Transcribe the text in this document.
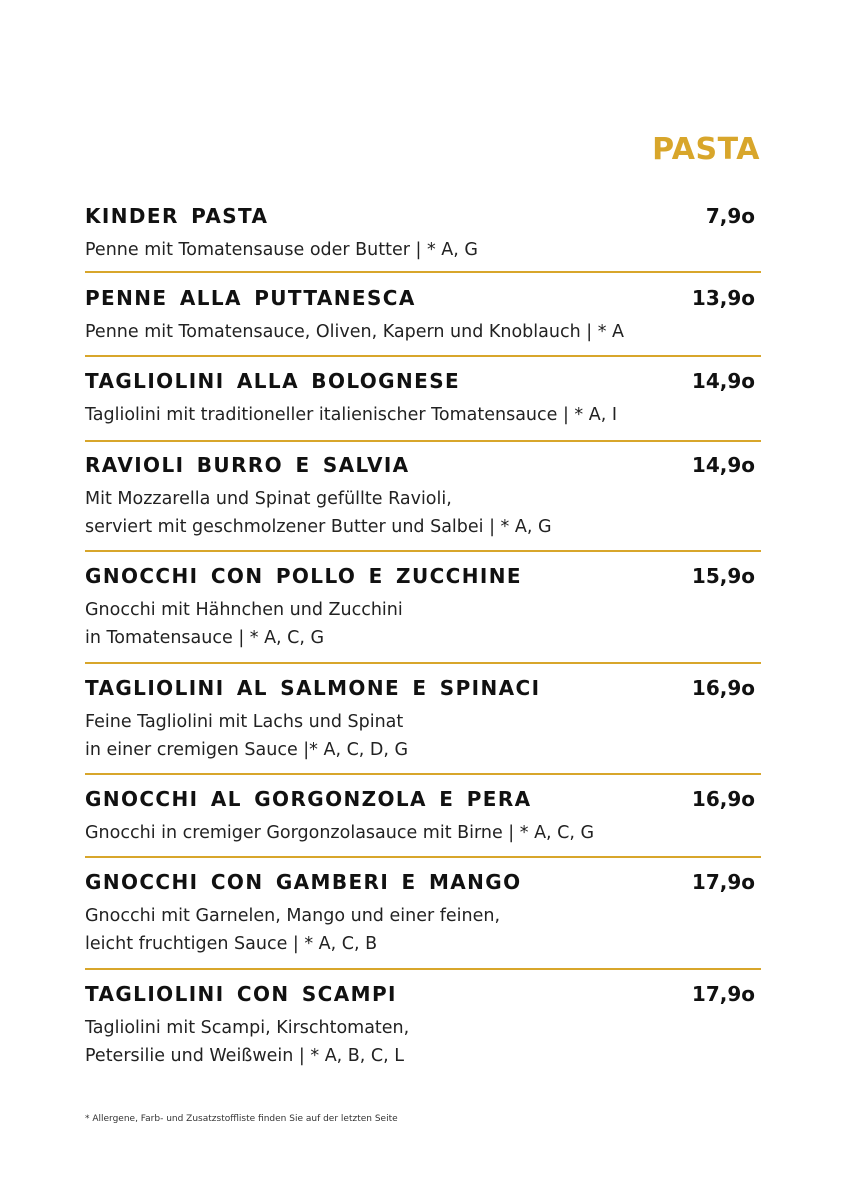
PASTA
KINDER PASTA	7,9o
Penne mit Tomatensause oder Butter | * A, G
PENNE ALLA PUTTANESCA	13,9o
Penne mit Tomatensauce, Oliven, Kapern und Knoblauch | * A
TAGLIOLINI ALLA BOLOGNESE	14,9o
Tagliolini mit traditioneller italienischer Tomatensauce | * A, I
RAVIOLI BURRO E SALVIA	14,9o
Mit Mozzarella und Spinat gefüllte Ravioli,
serviert mit geschmolzener Butter und Salbei | * A, G
GNOCCHI CON POLLO E ZUCCHINE	15,9o
Gnocchi mit Hähnchen und Zucchini
in Tomatensauce | * A, C, G
TAGLIOLINI AL SALMONE E SPINACI	16,9o
Feine Tagliolini mit Lachs und Spinat
in einer cremigen Sauce |* A, C, D, G
GNOCCHI AL GORGONZOLA E PERA	16,9o
Gnocchi in cremiger Gorgonzolasauce mit Birne | * A, C, G
GNOCCHI CON GAMBERI E MANGO	17,9o
Gnocchi mit Garnelen, Mango und einer feinen,
leicht fruchtigen Sauce | * A, C, B
TAGLIOLINI CON SCAMPI	17,9o
Tagliolini mit Scampi, Kirschtomaten,
Petersilie und Weißwein | * A, B, C, L
* Allergene, Farb- und Zusatzstoffliste finden Sie auf der letzten Seite
